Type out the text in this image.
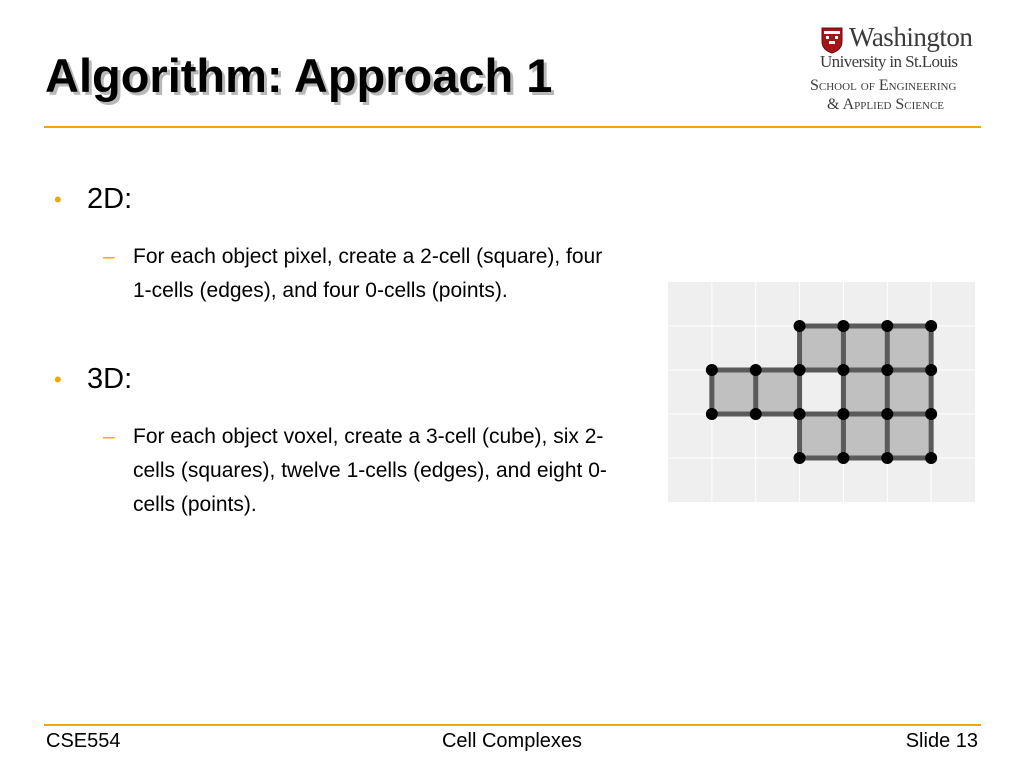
Algorithm: Approach 1
Washington
University in St.Louis
School of Engineering
& Applied Science
• 2D:
– For each object pixel, create a 2-cell (square), four 1-cells (edges), and four 0-cells (points).
• 3D:
– For each object voxel, create a 3-cell (cube), six 2-cells (squares), twelve 1-cells (edges), and eight 0-cells (points).
CSE554	Cell Complexes	Slide 13
